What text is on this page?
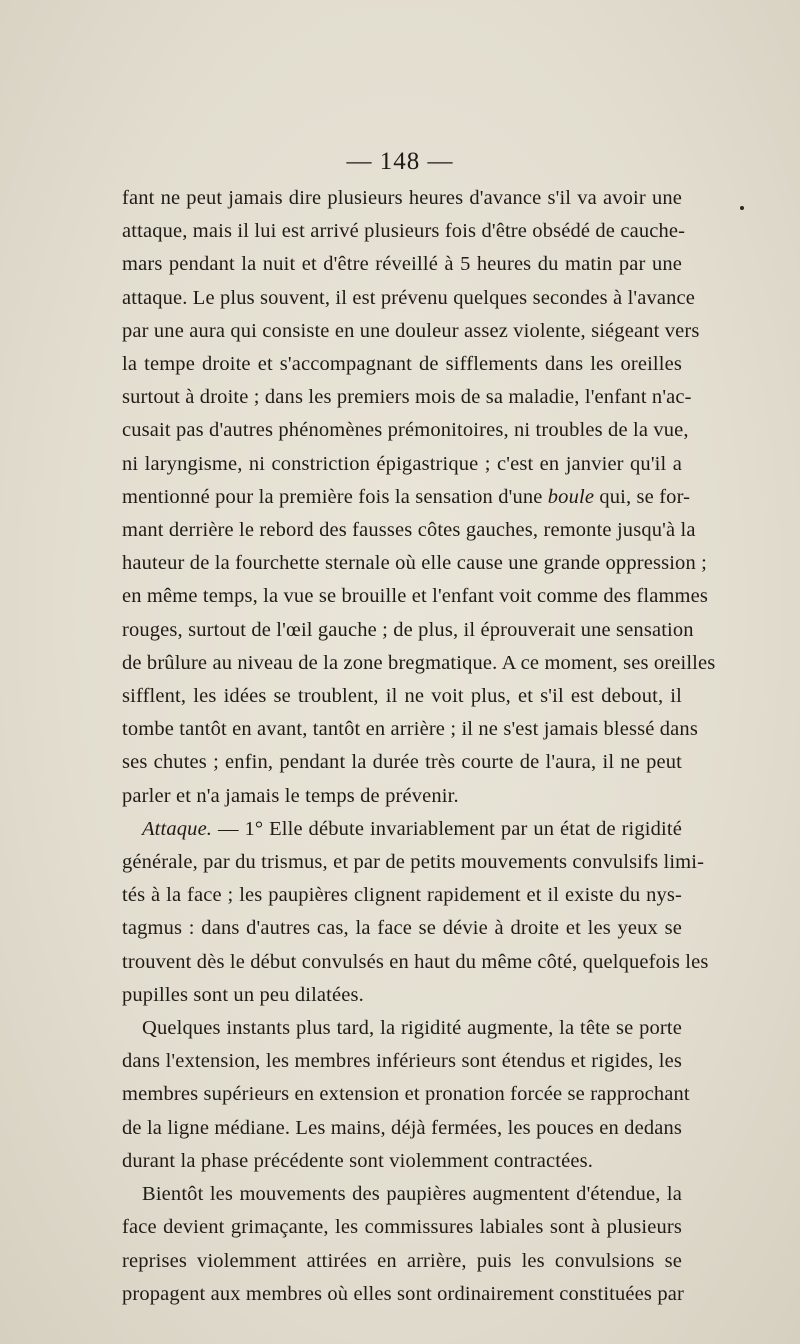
— 148 —
fant ne peut jamais dire plusieurs heures d'avance s'il va avoir une
attaque, mais il lui est arrivé plusieurs fois d'être obsédé de cauche-
mars pendant la nuit et d'être réveillé à 5 heures du matin par une
attaque. Le plus souvent, il est prévenu quelques secondes à l'avance
par une aura qui consiste en une douleur assez violente, siégeant vers
la tempe droite et s'accompagnant de sifflements dans les oreilles
surtout à droite ; dans les premiers mois de sa maladie, l'enfant n'ac-
cusait pas d'autres phénomènes prémonitoires, ni troubles de la vue,
ni laryngisme, ni constriction épigastrique ; c'est en janvier qu'il a
mentionné pour la première fois la sensation d'une boule qui, se for-
mant derrière le rebord des fausses côtes gauches, remonte jusqu'à la
hauteur de la fourchette sternale où elle cause une grande oppression ;
en même temps, la vue se brouille et l'enfant voit comme des flammes
rouges, surtout de l'œil gauche ; de plus, il éprouverait une sensation
de brûlure au niveau de la zone bregmatique. A ce moment, ses oreilles
sifflent, les idées se troublent, il ne voit plus, et s'il est debout, il
tombe tantôt en avant, tantôt en arrière ; il ne s'est jamais blessé dans
ses chutes ; enfin, pendant la durée très courte de l'aura, il ne peut
parler et n'a jamais le temps de prévenir.
Attaque. — 1° Elle débute invariablement par un état de rigidité
générale, par du trismus, et par de petits mouvements convulsifs limi-
tés à la face ; les paupières clignent rapidement et il existe du nys-
tagmus : dans d'autres cas, la face se dévie à droite et les yeux se
trouvent dès le début convulsés en haut du même côté, quelquefois les
pupilles sont un peu dilatées.
Quelques instants plus tard, la rigidité augmente, la tête se porte
dans l'extension, les membres inférieurs sont étendus et rigides, les
membres supérieurs en extension et pronation forcée se rapprochant
de la ligne médiane. Les mains, déjà fermées, les pouces en dedans
durant la phase précédente sont violemment contractées.
Bientôt les mouvements des paupières augmentent d'étendue, la
face devient grimaçante, les commissures labiales sont à plusieurs
reprises violemment attirées en arrière, puis les convulsions se
propagent aux membres où elles sont ordinairement constituées par
